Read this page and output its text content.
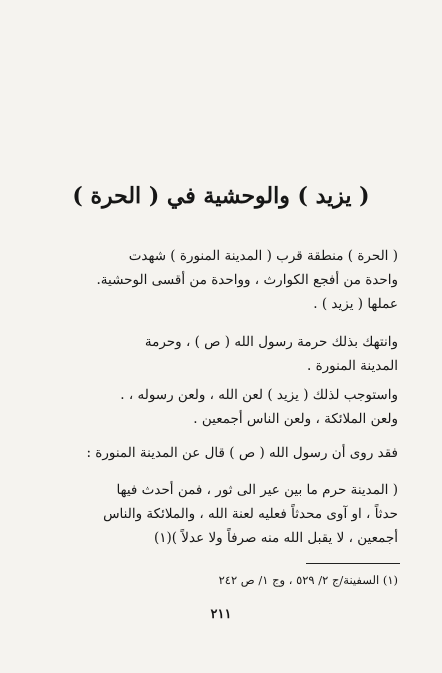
( يزيد ) والوحشية في ( الحرة )
( الحرة ) منطقة قرب ( المدينة المنورة ) شهدت
واحدة من أفجع الكوارث ، وواحدة من أقسى الوحشية.
عملها ( يزيد ) .
وانتهك بذلك حرمة رسول الله ( ص ) ، وحرمة
المدينة المنورة .
واستوجب لذلك ( يزيد ) لعن الله ، ولعن رسوله ، .
ولعن الملائكة ، ولعن الناس أجمعين .
فقد روى أن رسول الله ( ص ) قال عن المدينة المنورة :
( المدينة حرم ما بين عير الى ثور ، فمن أحدث فيها
حدثاً ، او آوى محدثاً فعليه لعنة الله ، والملائكة والناس
أجمعين ، لا يقبل الله منه صرفاً ولا عدلاً )(١)
(١) السفينة/ج ٢/ ٥٢٩ ، وج ١/ ص ٢٤٢
٢١١
